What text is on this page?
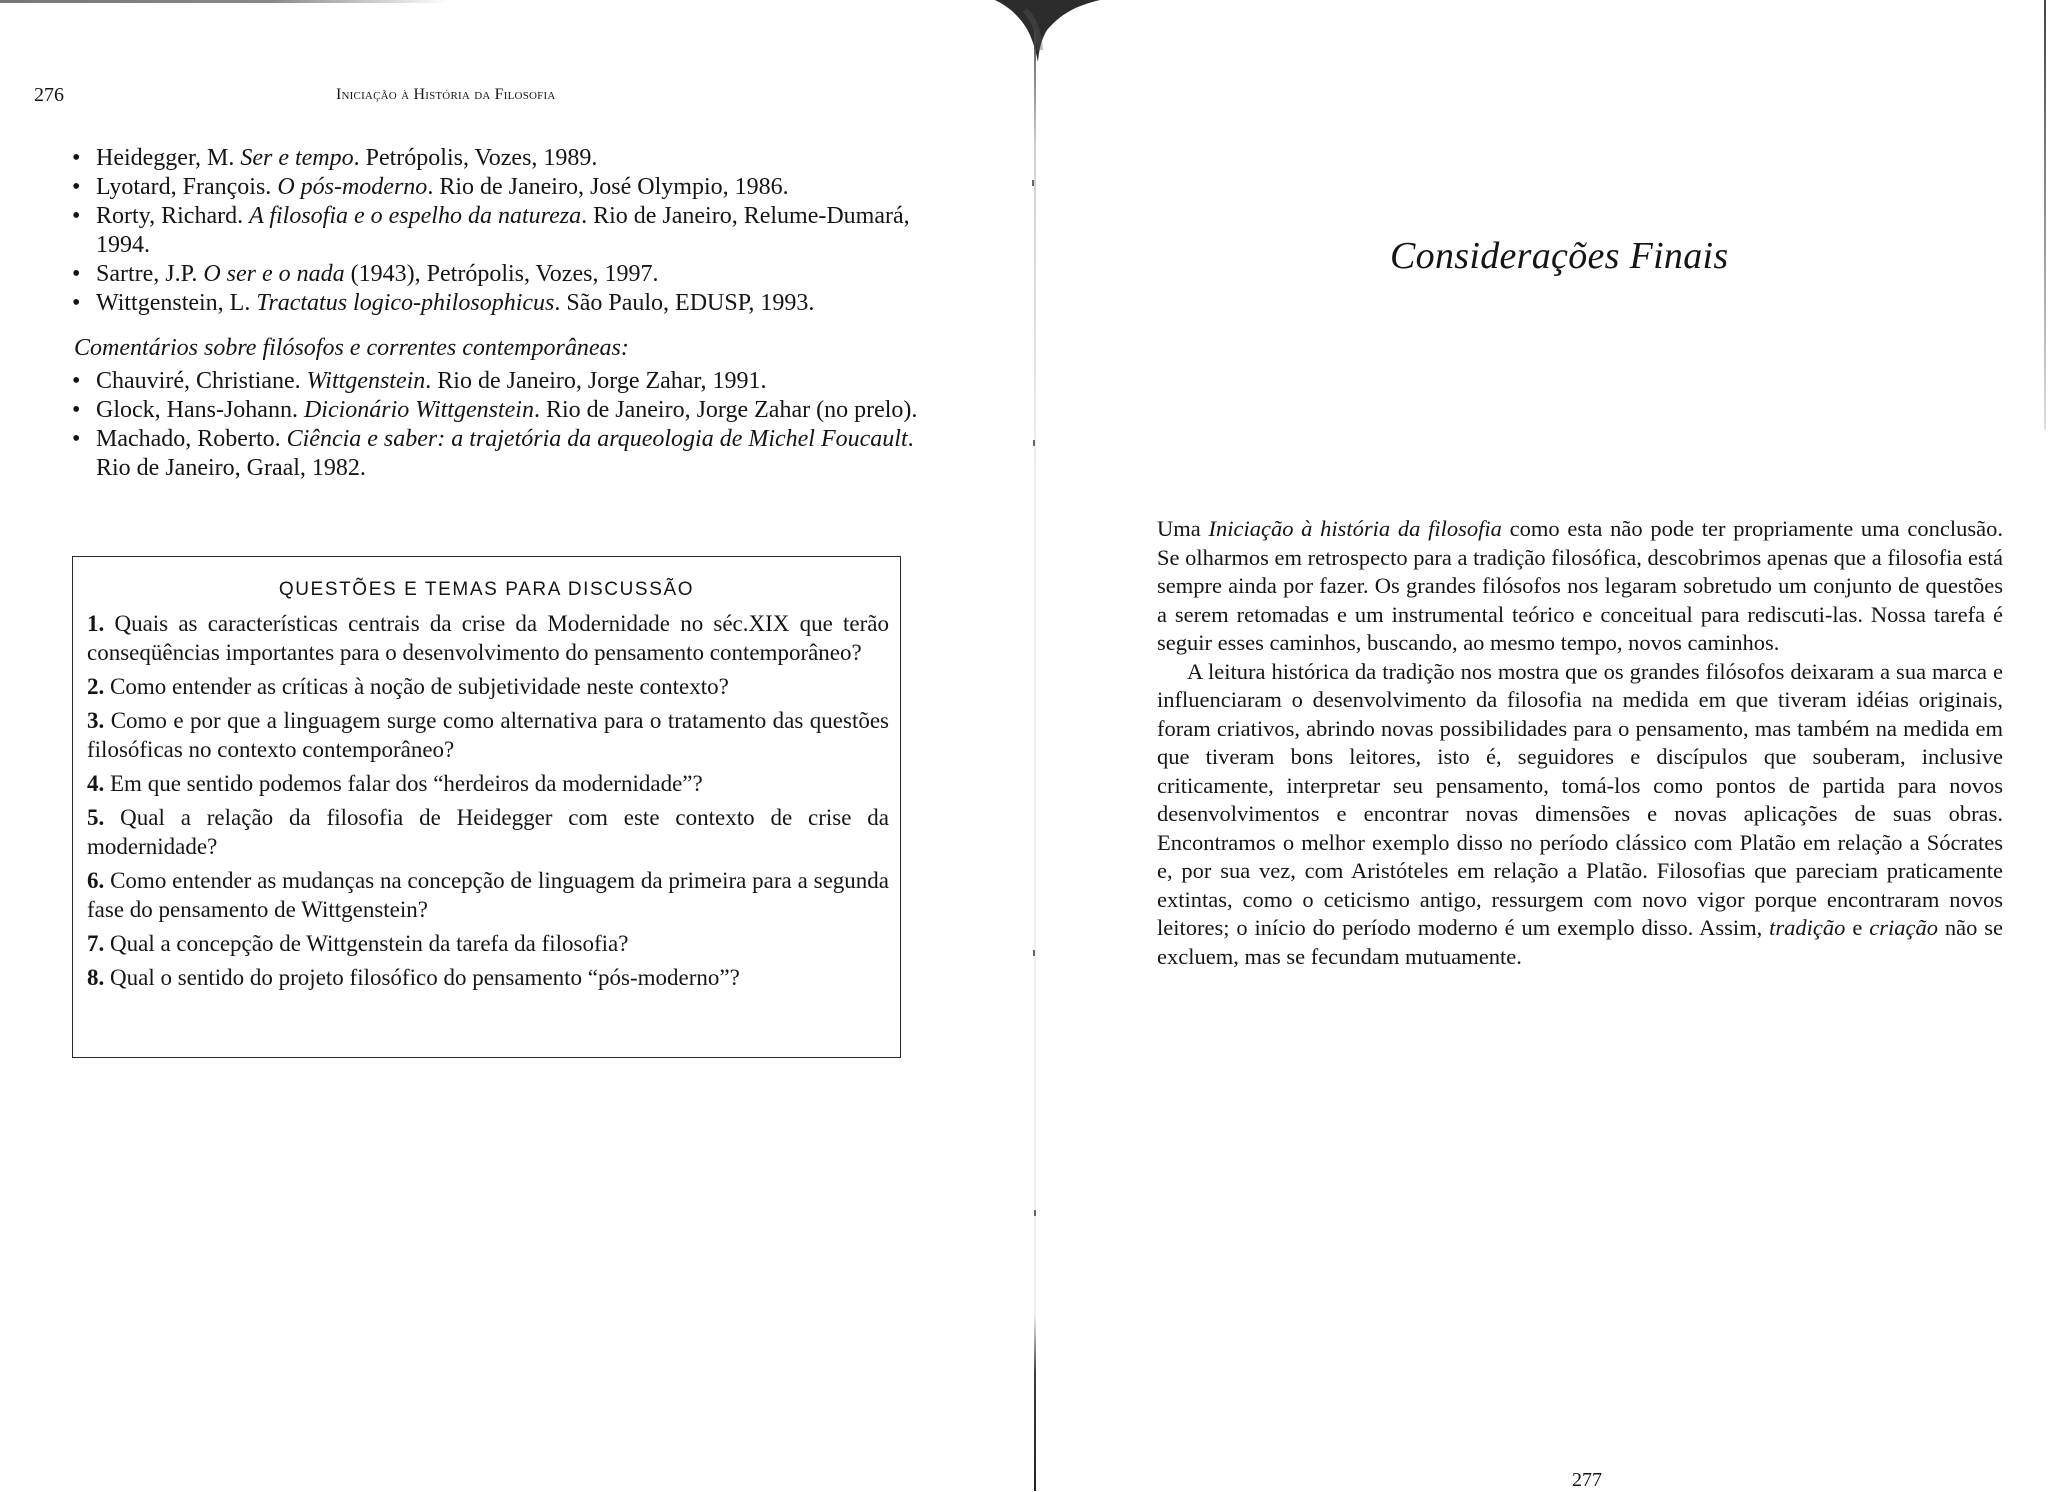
276	Iniciação à História da Filosofia
• Heidegger, M. Ser e tempo. Petrópolis, Vozes, 1989.
• Lyotard, François. O pós-moderno. Rio de Janeiro, José Olympio, 1986.
• Rorty, Richard. A filosofia e o espelho da natureza. Rio de Janeiro, Relume-Dumará, 1994.
• Sartre, J.P. O ser e o nada (1943), Petrópolis, Vozes, 1997.
• Wittgenstein, L. Tractatus logico-philosophicus. São Paulo, EDUSP, 1993.
Comentários sobre filósofos e correntes contemporâneas:
• Chauviré, Christiane. Wittgenstein. Rio de Janeiro, Jorge Zahar, 1991.
• Glock, Hans-Johann. Dicionário Wittgenstein. Rio de Janeiro, Jorge Zahar (no prelo).
• Machado, Roberto. Ciência e saber: a trajetória da arqueologia de Michel Foucault. Rio de Janeiro, Graal, 1982.
QUESTÕES E TEMAS PARA DISCUSSÃO
1. Quais as características centrais da crise da Modernidade no séc.XIX que terão conseqüências importantes para o desenvolvimento do pensamento contemporâneo?
2. Como entender as críticas à noção de subjetividade neste contexto?
3. Como e por que a linguagem surge como alternativa para o tratamento das questões filosóficas no contexto contemporâneo?
4. Em que sentido podemos falar dos “herdeiros da modernidade”?
5. Qual a relação da filosofia de Heidegger com este contexto de crise da modernidade?
6. Como entender as mudanças na concepção de linguagem da primeira para a segunda fase do pensamento de Wittgenstein?
7. Qual a concepção de Wittgenstein da tarefa da filosofia?
8. Qual o sentido do projeto filosófico do pensamento “pós-moderno”?
Considerações Finais

Uma Iniciação à história da filosofia como esta não pode ter propriamente uma conclusão. Se olharmos em retrospecto para a tradição filosófica, descobrimos apenas que a filosofia está sempre ainda por fazer. Os grandes filósofos nos legaram sobretudo um conjunto de questões a serem retomadas e um instrumental teórico e conceitual para rediscuti-las. Nossa tarefa é seguir esses caminhos, buscando, ao mesmo tempo, novos caminhos.

A leitura histórica da tradição nos mostra que os grandes filósofos deixaram a sua marca e influenciaram o desenvolvimento da filosofia na medida em que tiveram idéias originais, foram criativos, abrindo novas possibilidades para o pensamento, mas também na medida em que tiveram bons leitores, isto é, seguidores e discípulos que souberam, inclusive criticamente, interpretar seu pensamento, tomá-los como pontos de partida para novos desenvolvimentos e encontrar novas dimensões e novas aplicações de suas obras. Encontramos o melhor exemplo disso no período clássico com Platão em relação a Sócrates e, por sua vez, com Aristóteles em relação a Platão. Filosofias que pareciam praticamente extintas, como o ceticismo antigo, ressurgem com novo vigor porque encontraram novos leitores; o início do período moderno é um exemplo disso. Assim, tradição e criação não se excluem, mas se fecundam mutuamente.

277
